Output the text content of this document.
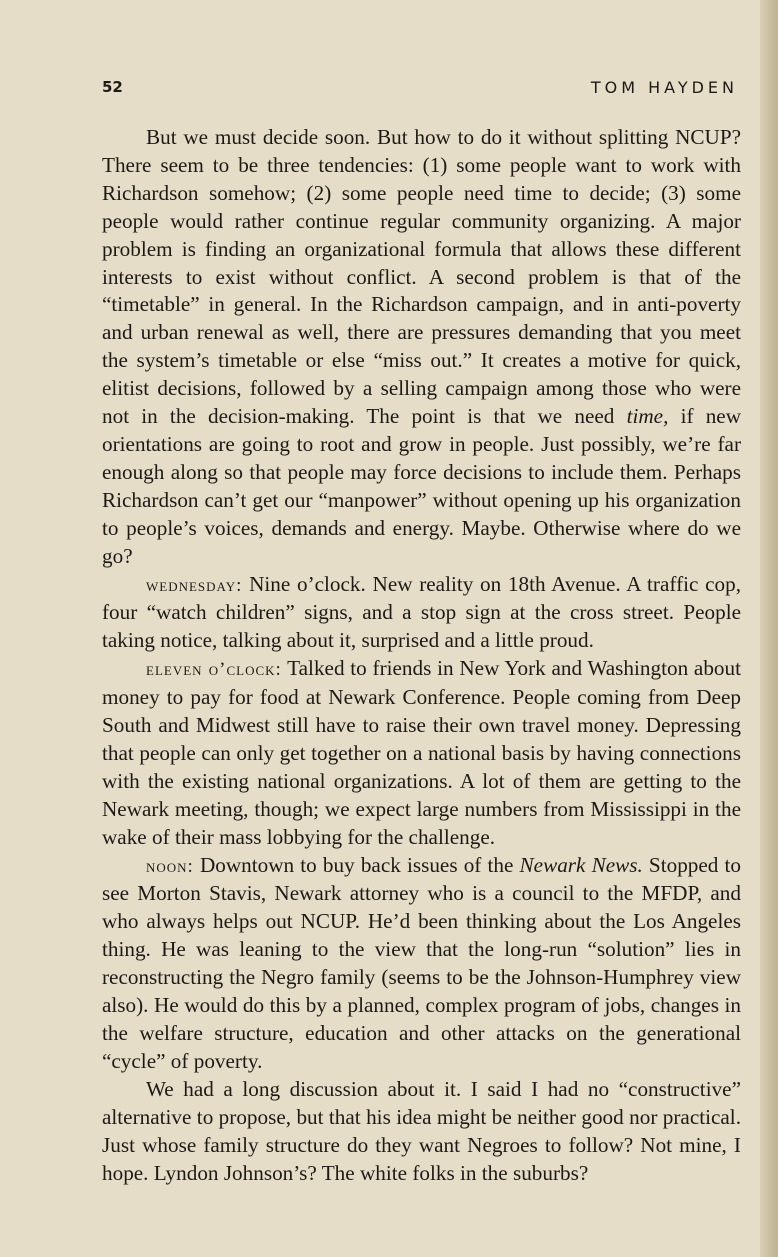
52	TOM HAYDEN

But we must decide soon. But how to do it without splitting NCUP? There seem to be three tendencies: (1) some people want to work with Richardson somehow; (2) some people need time to decide; (3) some people would rather continue regular community organizing. A major problem is finding an organizational formula that allows these different interests to exist without conflict. A second problem is that of the “timetable” in general. In the Richardson campaign, and in anti-poverty and urban renewal as well, there are pressures demanding that you meet the system’s timetable or else “miss out.” It creates a motive for quick, elitist decisions, followed by a selling campaign among those who were not in the decision-making. The point is that we need time, if new orientations are going to root and grow in people. Just possibly, we’re far enough along so that people may force decisions to include them. Perhaps Richardson can’t get our “manpower” without opening up his organization to people’s voices, demands and energy. Maybe. Otherwise where do we go?

wednesday: Nine o’clock. New reality on 18th Avenue. A traffic cop, four “watch children” signs, and a stop sign at the cross street. People taking notice, talking about it, surprised and a little proud.

eleven o’clock: Talked to friends in New York and Washington about money to pay for food at Newark Conference. People coming from Deep South and Midwest still have to raise their own travel money. Depressing that people can only get together on a national basis by having connections with the existing national organizations. A lot of them are getting to the Newark meeting, though; we expect large numbers from Mississippi in the wake of their mass lobbying for the challenge.

noon: Downtown to buy back issues of the Newark News. Stopped to see Morton Stavis, Newark attorney who is a council to the MFDP, and who always helps out NCUP. He’d been thinking about the Los Angeles thing. He was leaning to the view that the long-run “solution” lies in reconstructing the Negro family (seems to be the Johnson-Humphrey view also). He would do this by a planned, complex program of jobs, changes in the welfare structure, education and other attacks on the generational “cycle” of poverty.

We had a long discussion about it. I said I had no “constructive” alternative to propose, but that his idea might be neither good nor practical. Just whose family structure do they want Negroes to follow? Not mine, I hope. Lyndon Johnson’s? The white folks in the suburbs?
